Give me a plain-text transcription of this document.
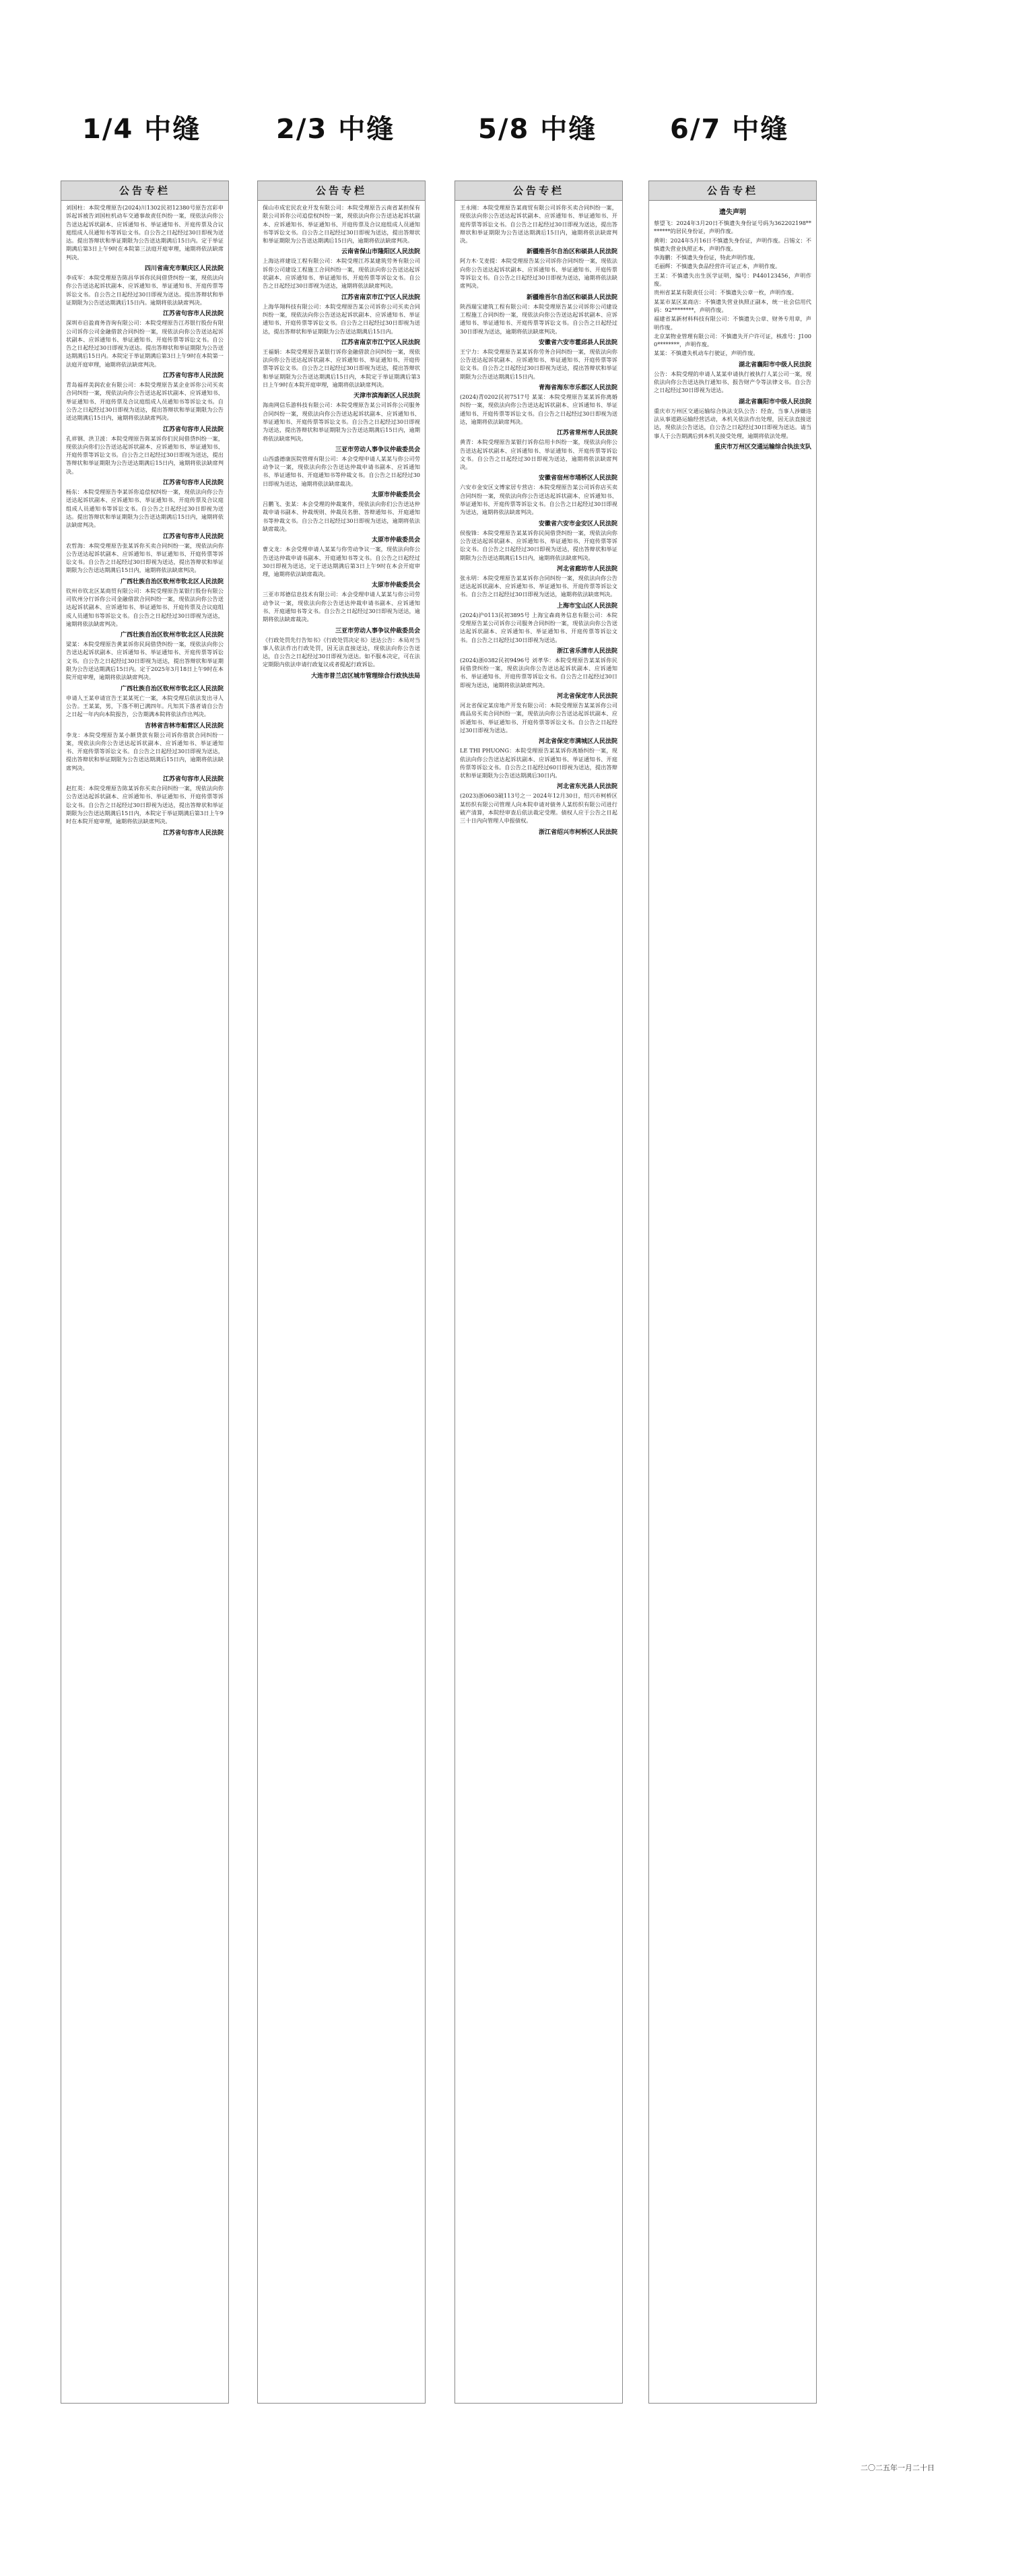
1/4 中缝	2/3 中缝	5/8 中缝	6/7 中缝
公告专栏

刘国柱：本院受理原告(2024)川1302民初12380号原告宫彩申诉起诉被告刘国柱机动车交通事故责任纠纷一案，现依法向你公告送达起诉状副本、应诉通知书、举证通知书、开庭传票及合议庭组成人员通知书等诉讼文书。自公告之日起经过30日即视为送达。提出答辩状和举证期限为公告送达期满后15日内。定于举证期满后第3日上午9时在本院第三法庭开庭审理，逾期将依法缺席判决。

四川省南充市顺庆区人民法院

李成军：本院受理原告陈昌华诉你民间借贷纠纷一案，现依法向你公告送达起诉状副本、应诉通知书、举证通知书、开庭传票等诉讼文书。自公告之日起经过30日即视为送达。提出答辩状和举证期限为公告送达期满后15日内。逾期将依法缺席判决。

江苏省句容市人民法院

深圳市启盈商务咨询有限公司：本院受理原告江苏银行股份有限公司诉你公司金融借款合同纠纷一案，现依法向你公告送达起诉状副本、应诉通知书、举证通知书、开庭传票等诉讼文书。自公告之日起经过30日即视为送达。提出答辩状和举证期限为公告送达期满后15日内。本院定于举证期满后第3日上午9时在本院第一法庭开庭审理，逾期将依法缺席判决。

江苏省句容市人民法院

青岛福祥美润农业有限公司：本院受理原告某企业诉你公司买卖合同纠纷一案，现依法向你公告送达起诉状副本、应诉通知书、举证通知书、开庭传票及合议庭组成人员通知书等诉讼文书。自公告之日起经过30日即视为送达，提出答辩状和举证期限为公告送达期满后15日内，逾期将依法缺席判决。

江苏省句容市人民法院

孔祥钢、洪卫波：本院受理原告陈某诉你们民间借贷纠纷一案，现依法向你们公告送达起诉状副本、应诉通知书、举证通知书、开庭传票等诉讼文书。自公告之日起经过30日即视为送达，提出答辩状和举证期限为公告送达期满后15日内，逾期将依法缺席判决。

江苏省句容市人民法院

杨东：本院受理原告李某诉你追偿权纠纷一案，现依法向你公告送达起诉状副本、应诉通知书、举证通知书、开庭传票及合议庭组成人员通知书等诉讼文书。自公告之日起经过30日即视为送达。提出答辩状和举证期限为公告送达期满后15日内，逾期将依法缺席判决。

江苏省句容市人民法院

农哲海：本院受理原告张某诉你买卖合同纠纷一案，现依法向你公告送达起诉状副本、应诉通知书、举证通知书、开庭传票等诉讼文书。自公告之日起经过30日即视为送达，提出答辩状和举证期限为公告送达期满后15日内，逾期将依法缺席判决。

广西壮族自治区钦州市钦北区人民法院

钦州市钦北区某商贸有限公司：本院受理原告某银行股份有限公司钦州分行诉你公司金融借款合同纠纷一案，现依法向你公告送达起诉状副本、应诉通知书、举证通知书、开庭传票及合议庭组成人员通知书等诉讼文书。自公告之日起经过30日即视为送达，逾期将依法缺席判决。

广西壮族自治区钦州市钦北区人民法院

梁某：本院受理原告黄某诉你民间借贷纠纷一案，现依法向你公告送达起诉状副本、应诉通知书、举证通知书、开庭传票等诉讼文书。自公告之日起经过30日即视为送达，提出答辩状和举证期限为公告送达期满后15日内。定于2025年3月18日上午9时在本院开庭审理，逾期将依法缺席判决。

广西壮族自治区钦州市钦北区人民法院

申请人王某申请宣告王某某死亡一案，本院受理后依法发出寻人公告。王某某，男，下落不明已满四年。凡知其下落者请自公告之日起一年内向本院报告，公告期满本院将依法作出判决。

吉林省吉林市船营区人民法院

李龙：本院受理原告某小额贷款有限公司诉你借款合同纠纷一案，现依法向你公告送达起诉状副本、应诉通知书、举证通知书、开庭传票等诉讼文书。自公告之日起经过30日即视为送达，提出答辩状和举证期限为公告送达期满后15日内，逾期将依法缺席判决。

江苏省句容市人民法院

赵红英：本院受理原告陈某诉你买卖合同纠纷一案，现依法向你公告送达起诉状副本、应诉通知书、举证通知书、开庭传票等诉讼文书。自公告之日起经过30日即视为送达，提出答辩状和举证期限为公告送达期满后15日内，本院定于举证期满后第3日上午9时在本院开庭审理，逾期将依法缺席判决。

江苏省句容市人民法院
公告专栏

保山市成宏民农业开发有限公司：本院受理原告云南省某担保有限公司诉你公司追偿权纠纷一案，现依法向你公告送达起诉状副本、应诉通知书、举证通知书、开庭传票及合议庭组成人员通知书等诉讼文书。自公告之日起经过30日即视为送达，提出答辩状和举证期限为公告送达期满后15日内，逾期将依法缺席判决。

云南省保山市隆阳区人民法院

上海达祥建设工程有限公司：本院受理江苏某建筑劳务有限公司诉你公司建设工程施工合同纠纷一案，现依法向你公告送达起诉状副本、应诉通知书、举证通知书、开庭传票等诉讼文书。自公告之日起经过30日即视为送达，逾期将依法缺席判决。

江苏省南京市江宁区人民法院

上海华翔科技有限公司：本院受理原告某公司诉你公司买卖合同纠纷一案，现依法向你公告送达起诉状副本、应诉通知书、举证通知书、开庭传票等诉讼文书。自公告之日起经过30日即视为送达，提出答辩状和举证期限为公告送达期满后15日内。

江苏省南京市江宁区人民法院

王福娟：本院受理原告某银行诉你金融借款合同纠纷一案，现依法向你公告送达起诉状副本、应诉通知书、举证通知书、开庭传票等诉讼文书。自公告之日起经过30日即视为送达，提出答辩状和举证期限为公告送达期满后15日内，本院定于举证期满后第3日上午9时在本院开庭审理，逾期将依法缺席判决。

天津市滨海新区人民法院

海南网信乐游科技有限公司：本院受理原告某公司诉你公司服务合同纠纷一案，现依法向你公告送达起诉状副本、应诉通知书、举证通知书、开庭传票等诉讼文书。自公告之日起经过30日即视为送达，提出答辩状和举证期限为公告送达期满后15日内，逾期将依法缺席判决。

三亚市劳动人事争议仲裁委员会

山西盛德康医院管理有限公司：本会受理申请人某某与你公司劳动争议一案，现依法向你公告送达仲裁申请书副本、应诉通知书、举证通知书、开庭通知书等仲裁文书。自公告之日起经过30日即视为送达，逾期将依法缺席裁决。

太原市仲裁委员会

吕鹏飞、张某：本会受理的仲裁案件，现依法向你们公告送达仲裁申请书副本、仲裁规则、仲裁员名册、答辩通知书、开庭通知书等仲裁文书。自公告之日起经过30日即视为送达，逾期将依法缺席裁决。

太原市仲裁委员会

曹文龙：本会受理申请人某某与你劳动争议一案，现依法向你公告送达仲裁申请书副本、开庭通知书等文书。自公告之日起经过30日即视为送达，定于送达期满后第3日上午9时在本会开庭审理，逾期将依法缺席裁决。

太原市仲裁委员会

三亚市邦德信息技术有限公司：本会受理申请人某某与你公司劳动争议一案，现依法向你公告送达仲裁申请书副本、应诉通知书、开庭通知书等文书。自公告之日起经过30日即视为送达，逾期将依法缺席裁决。

三亚市劳动人事争议仲裁委员会

《行政处罚先行告知书》《行政处罚决定书》送达公告：本局对当事人依法作出行政处罚，因无法直接送达，现依法向你公告送达，自公告之日起经过30日即视为送达。如不服本决定，可在法定期限内依法申请行政复议或者提起行政诉讼。

大连市普兰店区城市管理综合行政执法局
公告专栏

王永刚：本院受理原告某商贸有限公司诉你买卖合同纠纷一案，现依法向你公告送达起诉状副本、应诉通知书、举证通知书、开庭传票等诉讼文书。自公告之日起经过30日即视为送达，提出答辩状和举证期限为公告送达期满后15日内，逾期将依法缺席判决。

新疆维吾尔自治区和硕县人民法院

阿力木·艾麦提：本院受理原告某公司诉你合同纠纷一案，现依法向你公告送达起诉状副本、应诉通知书、举证通知书、开庭传票等诉讼文书。自公告之日起经过30日即视为送达，逾期将依法缺席判决。

新疆维吾尔自治区和硕县人民法院

陕西瑞宝建筑工程有限公司：本院受理原告某公司诉你公司建设工程施工合同纠纷一案，现依法向你公告送达起诉状副本、应诉通知书、举证通知书、开庭传票等诉讼文书。自公告之日起经过30日即视为送达，逾期将依法缺席判决。

安徽省六安市霍邱县人民法院

王宁力：本院受理原告某某诉你劳务合同纠纷一案，现依法向你公告送达起诉状副本、应诉通知书、举证通知书、开庭传票等诉讼文书。自公告之日起经过30日即视为送达，提出答辩状和举证期限为公告送达期满后15日内。

青海省海东市乐都区人民法院

(2024)青0202民初7517号 某某：本院受理原告某某诉你离婚纠纷一案，现依法向你公告送达起诉状副本、应诉通知书、举证通知书、开庭传票等诉讼文书。自公告之日起经过30日即视为送达，逾期将依法缺席判决。

江苏省常州市人民法院

黄青：本院受理原告某银行诉你信用卡纠纷一案，现依法向你公告送达起诉状副本、应诉通知书、举证通知书、开庭传票等诉讼文书。自公告之日起经过30日即视为送达，逾期将依法缺席判决。

安徽省宿州市埇桥区人民法院

六安市金安区文博家居专营店：本院受理原告某公司诉你店买卖合同纠纷一案，现依法向你公告送达起诉状副本、应诉通知书、举证通知书、开庭传票等诉讼文书。自公告之日起经过30日即视为送达，逾期将依法缺席判决。

安徽省六安市金安区人民法院

侯俊锋：本院受理原告某某诉你民间借贷纠纷一案，现依法向你公告送达起诉状副本、应诉通知书、举证通知书、开庭传票等诉讼文书。自公告之日起经过30日即视为送达，提出答辩状和举证期限为公告送达期满后15日内，逾期将依法缺席判决。

河北省廊坊市人民法院

张永明：本院受理原告某某诉你合同纠纷一案，现依法向你公告送达起诉状副本、应诉通知书、举证通知书、开庭传票等诉讼文书。自公告之日起经过30日即视为送达，逾期将依法缺席判决。

上海市宝山区人民法院

(2024)沪0113民初3895号 上海宝森商务信息有限公司：本院受理原告某公司诉你公司服务合同纠纷一案，现依法向你公告送达起诉状副本、应诉通知书、举证通知书、开庭传票等诉讼文书。自公告之日起经过30日即视为送达。

浙江省乐清市人民法院

(2024)浙0382民初9496号 刘孝华：本院受理原告某某诉你民间借贷纠纷一案，现依法向你公告送达起诉状副本、应诉通知书、举证通知书、开庭传票等诉讼文书。自公告之日起经过30日即视为送达，逾期将依法缺席判决。

河北省保定市人民法院

河北省保定某房地产开发有限公司：本院受理原告某某诉你公司商品房买卖合同纠纷一案，现依法向你公告送达起诉状副本、应诉通知书、举证通知书、开庭传票等诉讼文书。自公告之日起经过30日即视为送达。

河北省保定市满城区人民法院

LE THI PHUONG：本院受理原告某某诉你离婚纠纷一案，现依法向你公告送达起诉状副本、应诉通知书、举证通知书、开庭传票等诉讼文书。自公告之日起经过60日即视为送达，提出答辩状和举证期限为公告送达期满后30日内。

河北省东光县人民法院

(2023)浙0603破113号之一 2024年12月30日，绍兴市柯桥区某纺织有限公司管理人向本院申请对债务人某纺织有限公司进行破产清算，本院经审查后依法裁定受理。债权人应于公告之日起三十日内向管理人申报债权。

浙江省绍兴市柯桥区人民法院
公告专栏

遗失声明

蔡望飞：2024年3月20日不慎遗失身份证号码为362202198********的居民身份证，声明作废。

黄明：2024年5月16日不慎遗失身份证，声明作废。吕锡文：不慎遗失营业执照正本，声明作废。

李海鹏：不慎遗失身份证，特此声明作废。

毛丽辉：不慎遗失食品经营许可证正本，声明作废。

王某：不慎遗失出生医学证明，编号：P440123456，声明作废。

贵州省某某有限责任公司：不慎遗失公章一枚，声明作废。

某某市某区某商店：不慎遗失营业执照正副本，统一社会信用代码：92********，声明作废。

福建省某新材料科技有限公司：不慎遗失公章、财务专用章，声明作废。

北京某物业管理有限公司：不慎遗失开户许可证，核准号：J1000********，声明作废。

某某：不慎遗失机动车行驶证，声明作废。

湖北省襄阳市中级人民法院

公告：本院受理的申请人某某申请执行被执行人某公司一案，现依法向你公告送达执行通知书、报告财产令等法律文书。自公告之日起经过30日即视为送达。

湖北省襄阳市中级人民法院

重庆市万州区交通运输综合执法支队公告：经查，当事人涉嫌违法从事道路运输经营活动，本机关依法作出处理，因无法直接送达，现依法公告送达，自公告之日起经过30日即视为送达。请当事人于公告期满后到本机关接受处理，逾期将依法处理。

重庆市万州区交通运输综合执法支队
二〇二五年一月二十日
